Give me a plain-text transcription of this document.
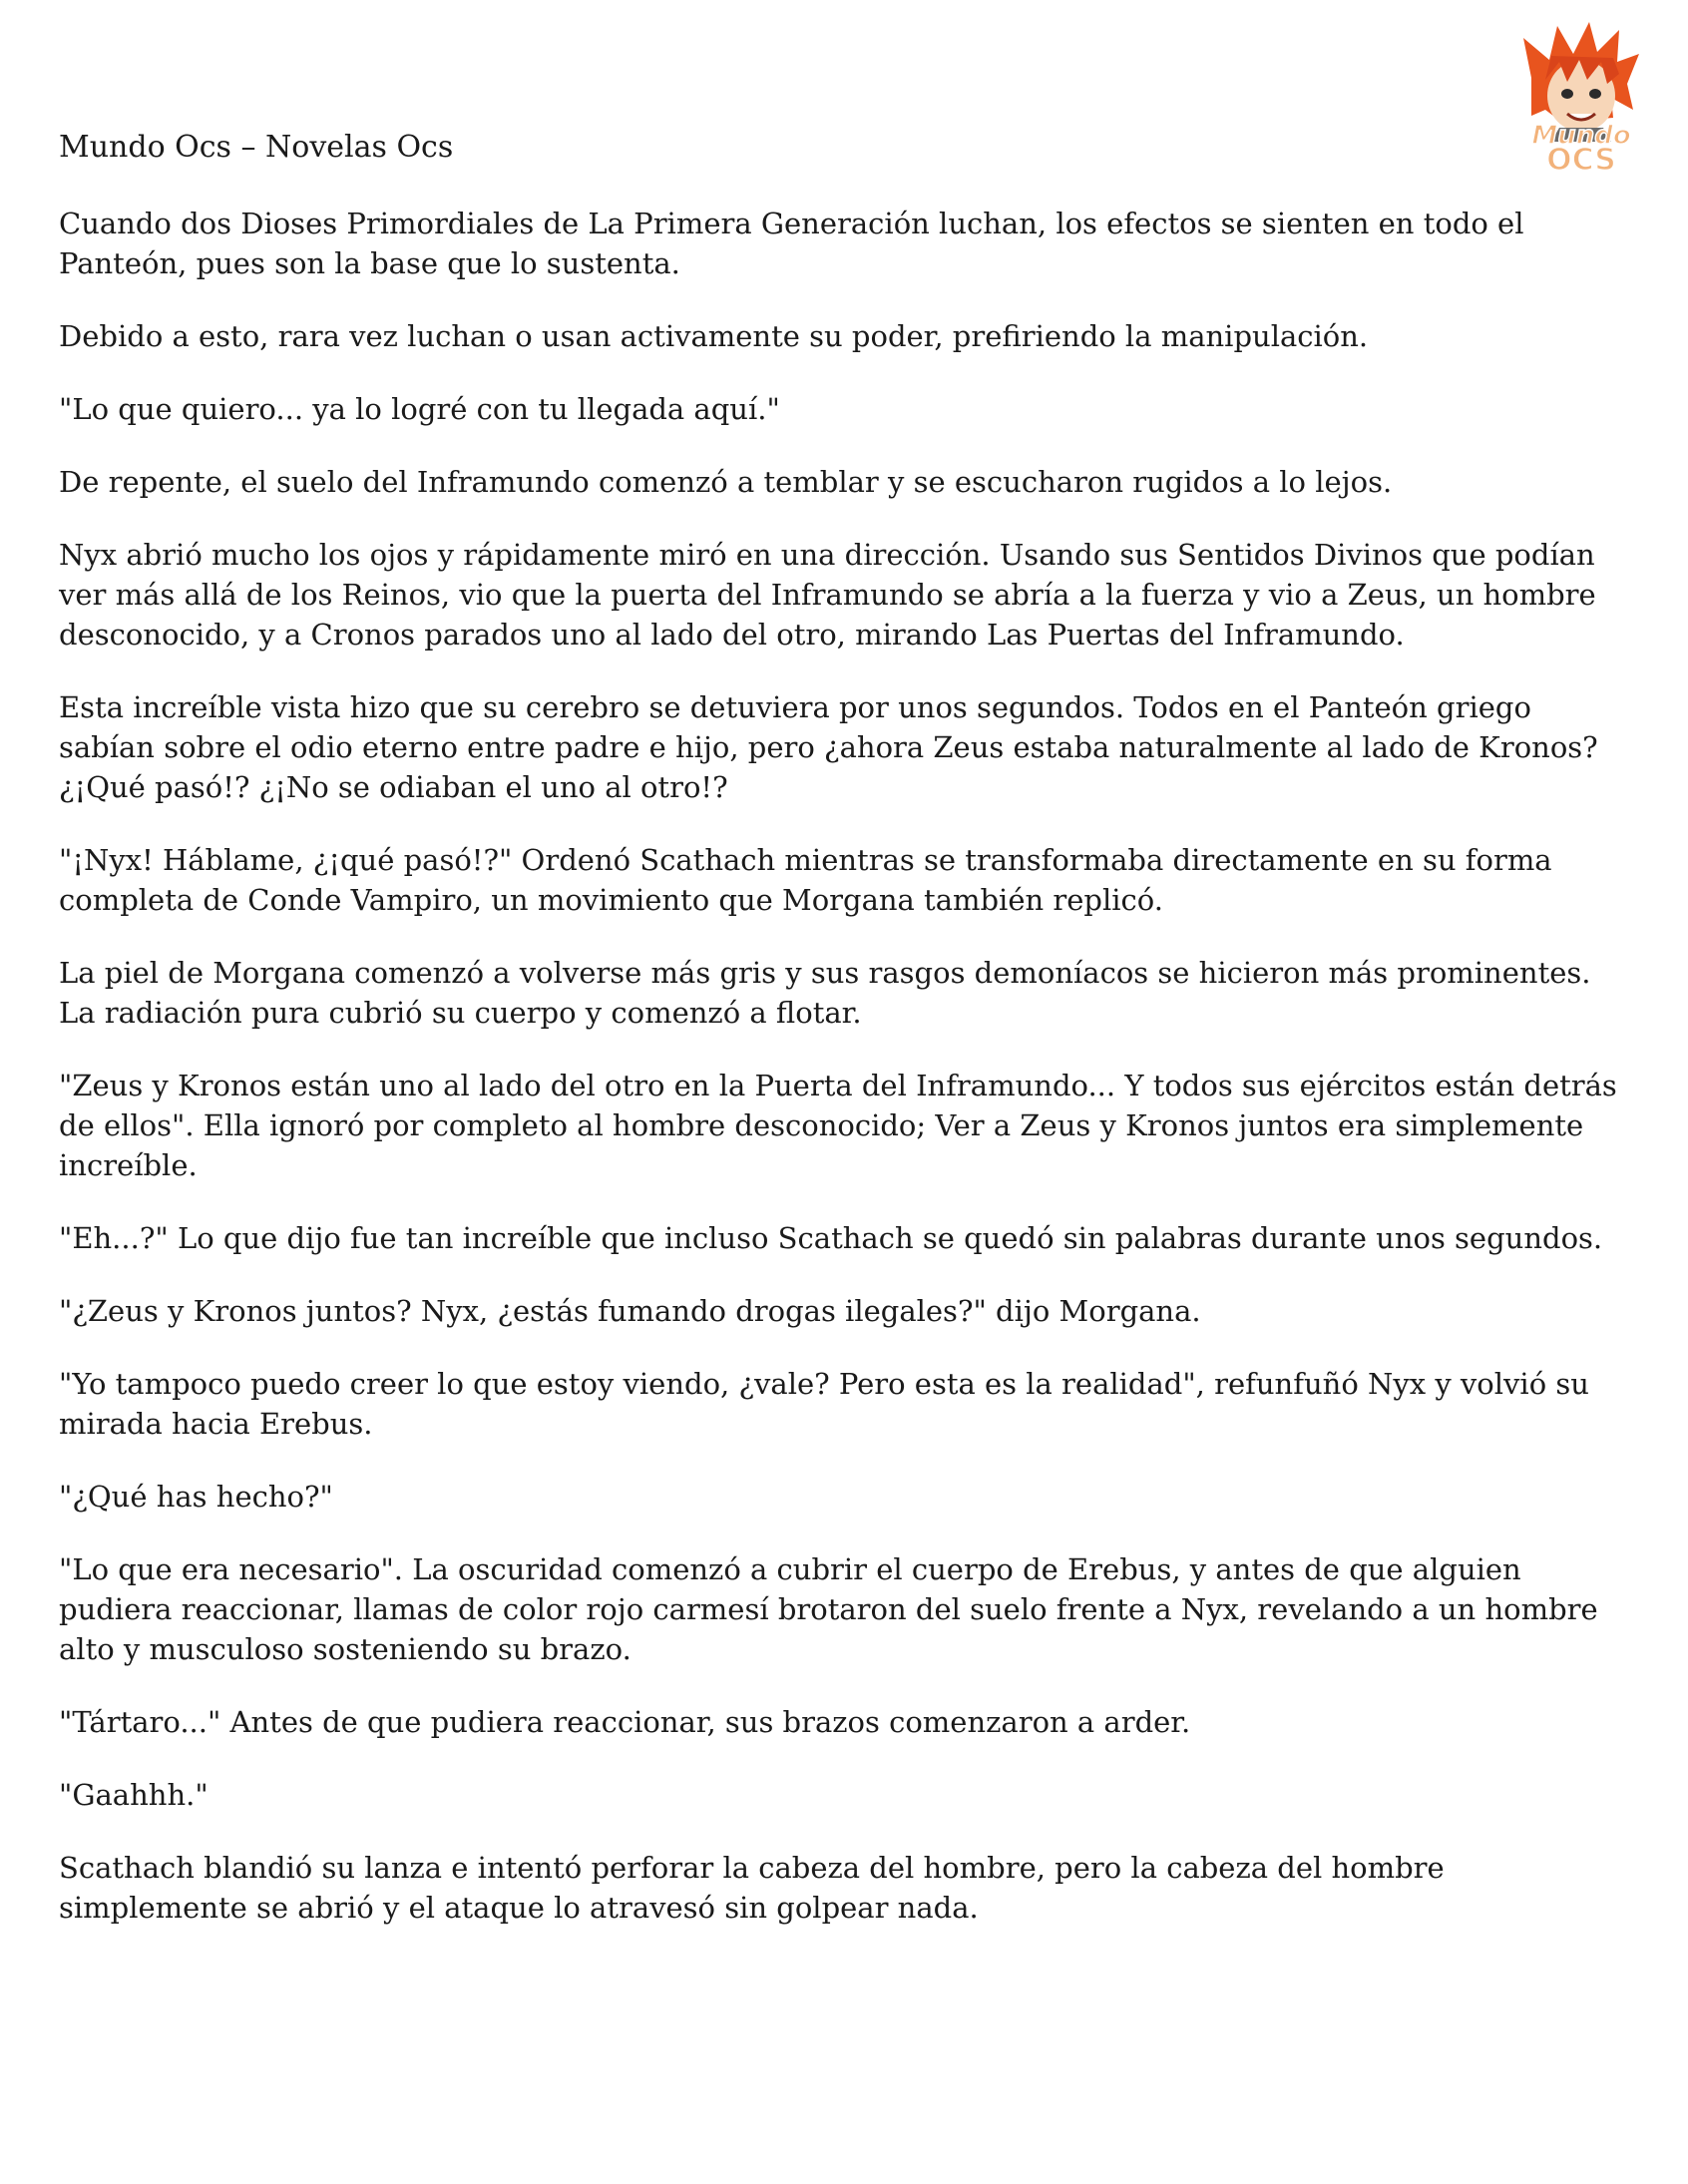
Mundo Ocs – Novelas Ocs	Mundo
OCS

Cuando dos Dioses Primordiales de La Primera Generación luchan, los efectos se sienten en todo el Panteón, pues son la base que lo sustenta.

Debido a esto, rara vez luchan o usan activamente su poder, prefiriendo la manipulación.

"Lo que quiero... ya lo logré con tu llegada aquí."

De repente, el suelo del Inframundo comenzó a temblar y se escucharon rugidos a lo lejos.

Nyx abrió mucho los ojos y rápidamente miró en una dirección. Usando sus Sentidos Divinos que podían ver más allá de los Reinos, vio que la puerta del Inframundo se abría a la fuerza y vio a Zeus, un hombre desconocido, y a Cronos parados uno al lado del otro, mirando Las Puertas del Inframundo.

Esta increíble vista hizo que su cerebro se detuviera por unos segundos. Todos en el Panteón griego sabían sobre el odio eterno entre padre e hijo, pero ¿ahora Zeus estaba naturalmente al lado de Kronos? ¿¡Qué pasó!? ¿¡No se odiaban el uno al otro!?

"¡Nyx! Háblame, ¿¡qué pasó!?" Ordenó Scathach mientras se transformaba directamente en su forma completa de Conde Vampiro, un movimiento que Morgana también replicó.

La piel de Morgana comenzó a volverse más gris y sus rasgos demoníacos se hicieron más prominentes. La radiación pura cubrió su cuerpo y comenzó a flotar.

"Zeus y Kronos están uno al lado del otro en la Puerta del Inframundo... Y todos sus ejércitos están detrás de ellos". Ella ignoró por completo al hombre desconocido; Ver a Zeus y Kronos juntos era simplemente increíble.

"Eh...?" Lo que dijo fue tan increíble que incluso Scathach se quedó sin palabras durante unos segundos.

"¿Zeus y Kronos juntos? Nyx, ¿estás fumando drogas ilegales?" dijo Morgana.

"Yo tampoco puedo creer lo que estoy viendo, ¿vale? Pero esta es la realidad", refunfuñó Nyx y volvió su mirada hacia Erebus.

"¿Qué has hecho?"

"Lo que era necesario". La oscuridad comenzó a cubrir el cuerpo de Erebus, y antes de que alguien pudiera reaccionar, llamas de color rojo carmesí brotaron del suelo frente a Nyx, revelando a un hombre alto y musculoso sosteniendo su brazo.

"Tártaro..." Antes de que pudiera reaccionar, sus brazos comenzaron a arder.

"Gaahhh."

Scathach blandió su lanza e intentó perforar la cabeza del hombre, pero la cabeza del hombre simplemente se abrió y el ataque lo atravesó sin golpear nada.
